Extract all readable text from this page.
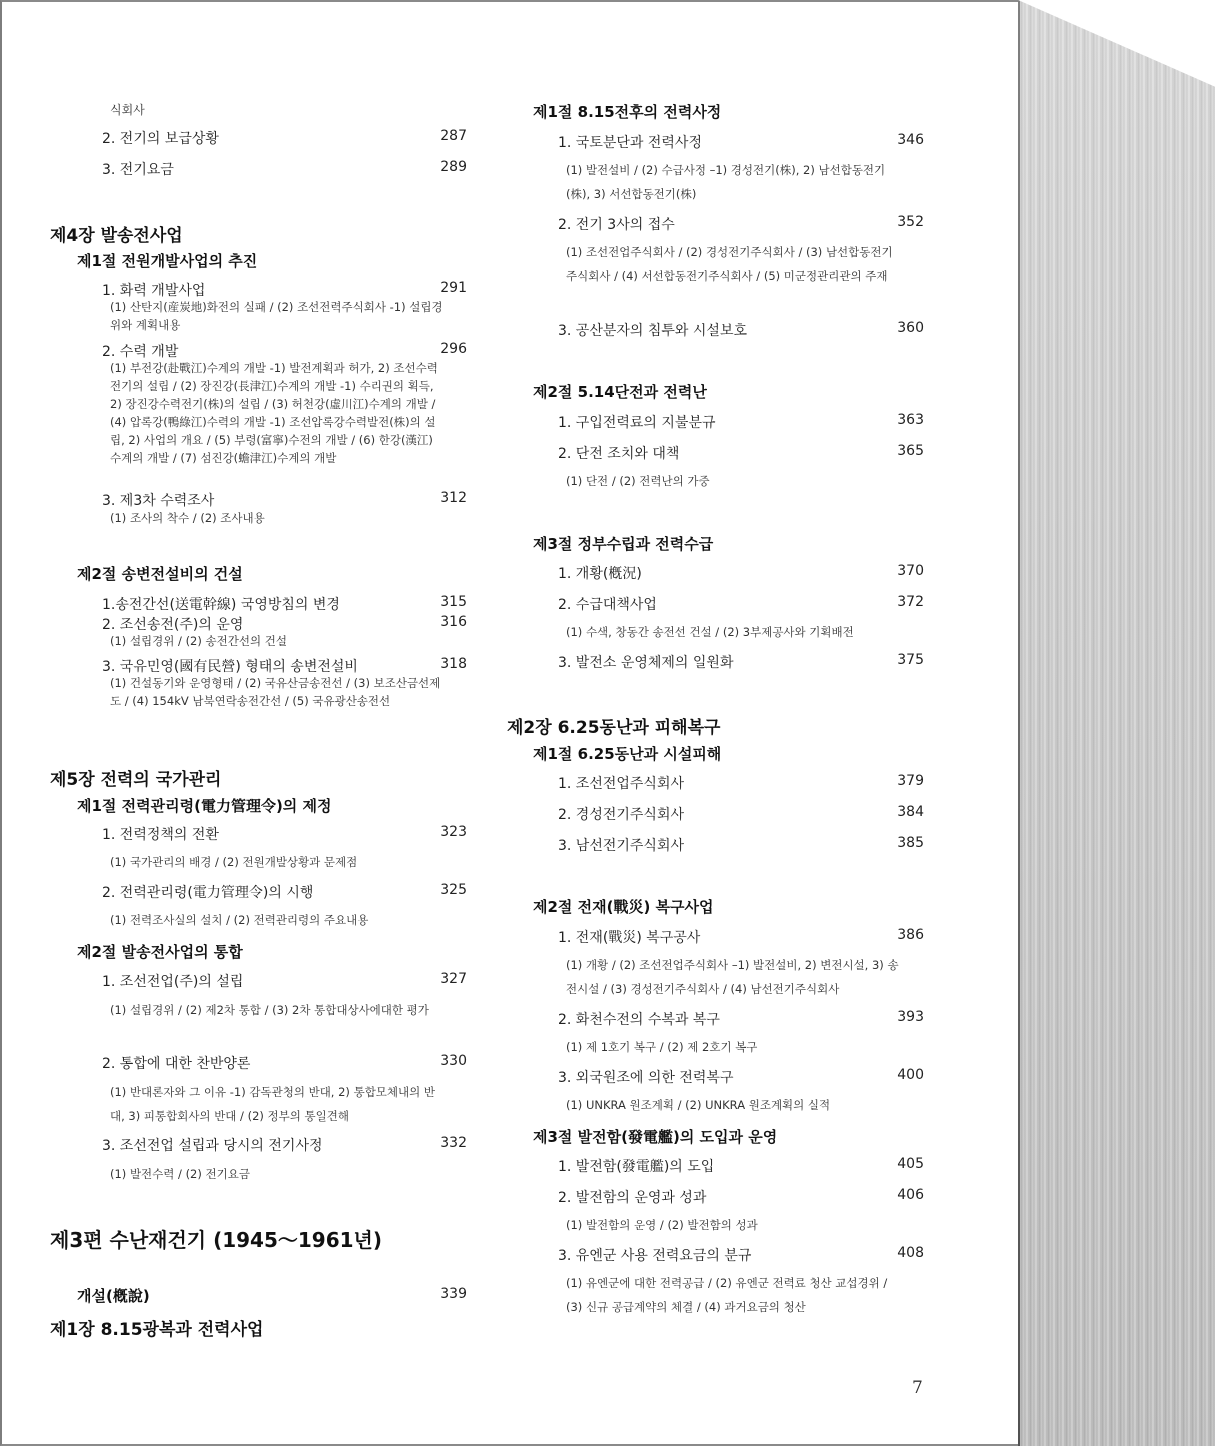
식회사
2. 전기의 보급상황	287
3. 전기요금	289
제4장 발송전사업
제1절 전원개발사업의 추진
1. 화력 개발사업	291
(1) 산탄지(産炭地)화전의 실패 / (2) 조선전력주식회사 -1) 설립경위와 계획내용
2. 수력 개발	296
(1) 부전강(赴戰江)수계의 개발 -1) 발전계획과 허가, 2) 조선수력전기의 설립 / (2) 장진강(長津江)수계의 개발 -1) 수리권의 획득, 2) 장진강수력전기(株)의 설립 / (3) 허천강(虛川江)수계의 개발 / (4) 압록강(鴨綠江)수력의 개발 -1) 조선압록강수력발전(株)의 설립, 2) 사업의 개요 / (5) 부령(富寧)수전의 개발 / (6) 한강(漢江)수계의 개발 / (7) 섬진강(蟾津江)수계의 개발
3. 제3차 수력조사	312
(1) 조사의 착수 / (2) 조사내용
제2절 송변전설비의 건설
1.송전간선(送電幹線) 국영방침의 변경	315
2. 조선송전(주)의 운영	316
(1) 설립경위 / (2) 송전간선의 건설
3. 국유민영(國有民營) 형태의 송변전설비	318
(1) 건설동기와 운영형태 / (2) 국유산금송전선 / (3) 보조산금선제도 / (4) 154kV 남북연락송전간선 / (5) 국유광산송전선
제5장 전력의 국가관리
제1절 전력관리령(電力管理令)의 제정
1. 전력정책의 전환	323
(1) 국가관리의 배경 / (2) 전원개발상황과 문제점
2. 전력관리령(電力管理令)의 시행	325
(1) 전력조사실의 설치 / (2) 전력관리령의 주요내용
제2절 발송전사업의 통합
1. 조선전업(주)의 설립	327
(1) 설립경위 / (2) 제2차 통합 / (3) 2차 통합대상사에대한 평가
2. 통합에 대한 찬반양론	330
(1) 반대론자와 그 이유 -1) 감독관청의 반대, 2) 통합모체내의 반대, 3) 피통합회사의 반대 / (2) 정부의 통일견해
3. 조선전업 설립과 당시의 전기사정	332
(1) 발전수력 / (2) 전기요금
제3편 수난재건기 (1945～1961년)
개설(槪說)	339
제1장 8.15광복과 전력사업
제1절 8.15전후의 전력사정
1. 국토분단과 전력사정	346
(1) 발전설비 / (2) 수급사정 –1) 경성전기(株), 2) 남선합동전기(株), 3) 서선합동전기(株)
2. 전기 3사의 접수	352
(1) 조선전업주식회사 / (2) 경성전기주식회사 / (3) 남선합동전기주식회사 / (4) 서선합동전기주식회사 / (5) 미군정관리관의 주재
3. 공산분자의 침투와 시설보호	360
제2절 5.14단전과 전력난
1. 구입전력료의 지불분규	363
2. 단전 조치와 대책	365
(1) 단전 / (2) 전력난의 가중
제3절 정부수립과 전력수급
1. 개황(槪況)	370
2. 수급대책사업	372
(1) 수색, 창동간 송전선 건설 / (2) 3부제공사와 기획배전
3. 발전소 운영체제의 일원화	375
제2장 6.25동난과 피해복구
제1절 6.25동난과 시설피해
1. 조선전업주식회사	379
2. 경성전기주식회사	384
3. 남선전기주식회사	385
제2절 전재(戰災) 복구사업
1. 전재(戰災) 복구공사	386
(1) 개황 / (2) 조선전업주식회사 –1) 발전설비, 2) 변전시설, 3) 송전시설 / (3) 경성전기주식회사 / (4) 남선전기주식회사
2. 화천수전의 수복과 복구	393
(1) 제 1호기 복구 / (2) 제 2호기 복구
3. 외국원조에 의한 전력복구	400
(1) UNKRA 원조계획 / (2) UNKRA 원조계획의 실적
제3절 발전함(發電艦)의 도입과 운영
1. 발전함(發電艦)의 도입	405
2. 발전함의 운영과 성과	406
(1) 발전함의 운영 / (2) 발전함의 성과
3. 유엔군 사용 전력요금의 분규	408
(1) 유엔군에 대한 전력공급 / (2) 유엔군 전력료 청산 교섭경위 / (3) 신규 공급계약의 체결 / (4) 과거요금의 청산
7
